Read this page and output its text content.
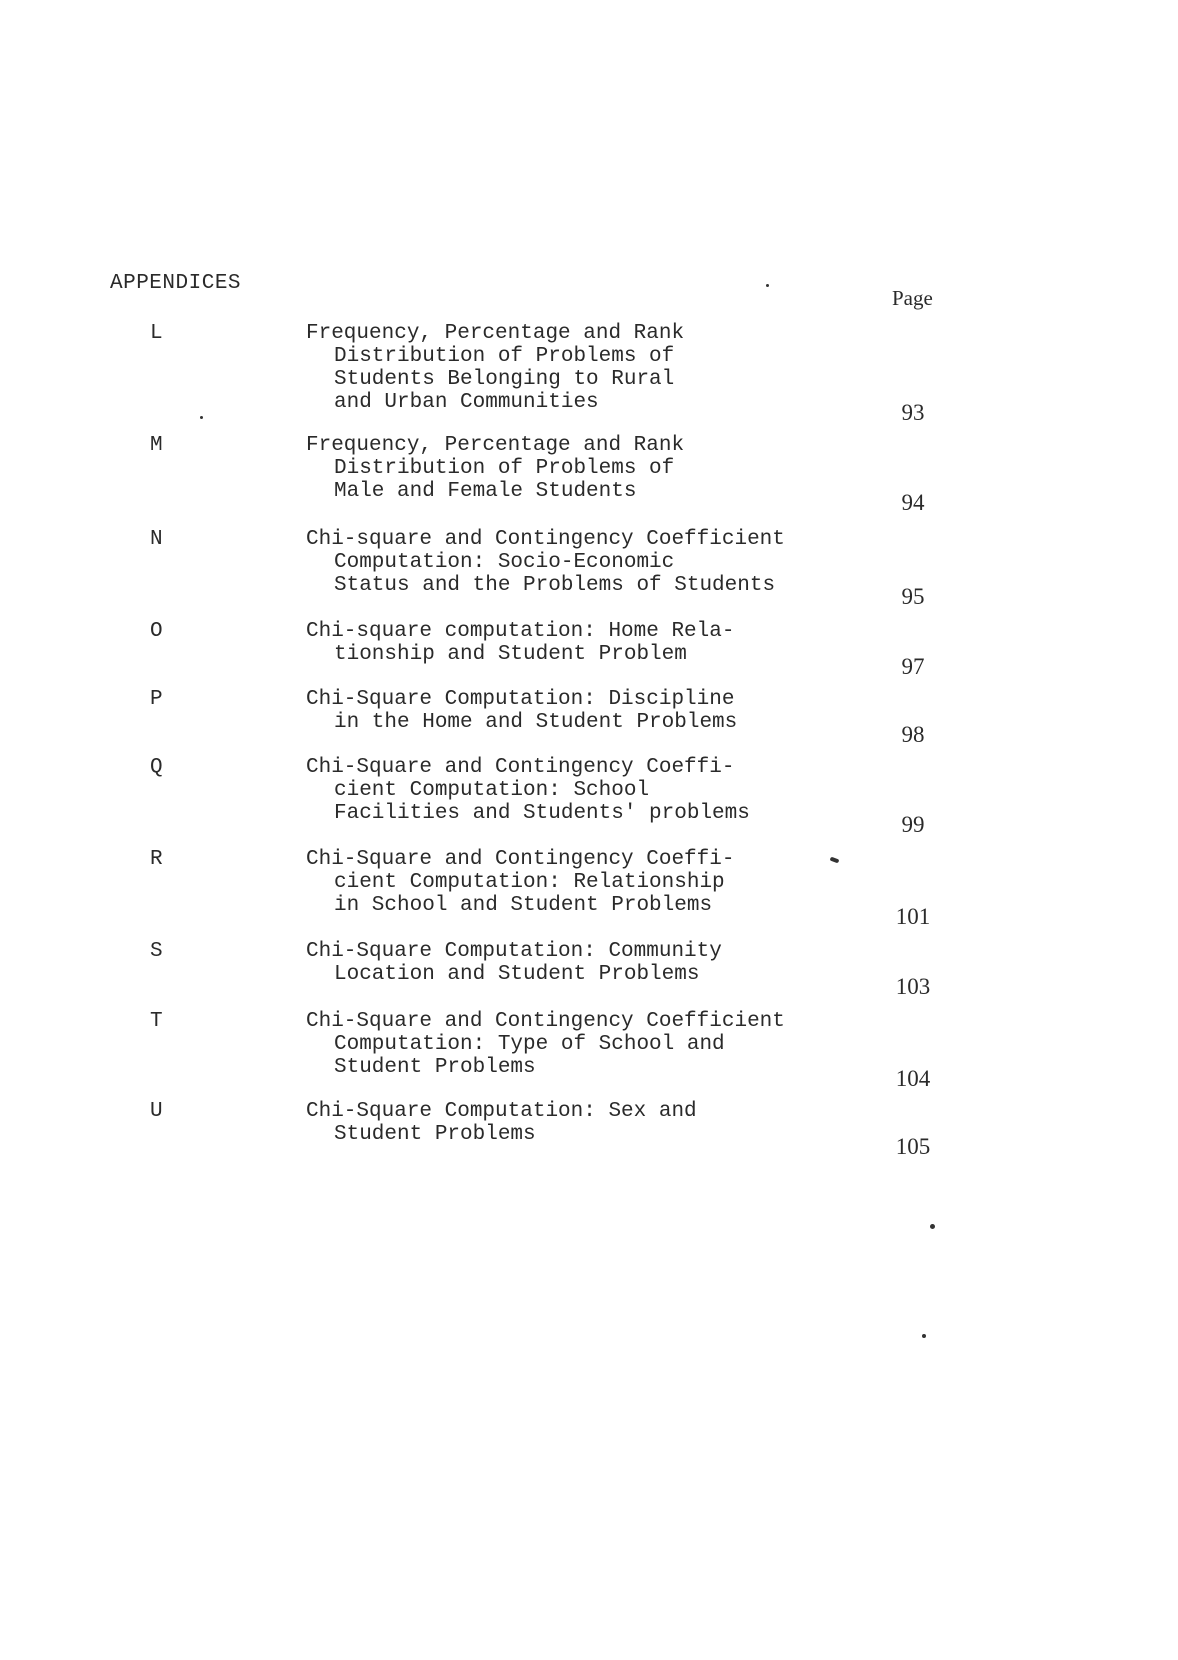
APPENDICES
Page
L	Frequency, Percentage and Rank
Distribution of Problems of
Students Belonging to Rural
and Urban Communities	93
M	Frequency, Percentage and Rank
Distribution of Problems of
Male and Female Students	94
N	Chi-square and Contingency Coefficient
Computation: Socio-Economic
Status and the Problems of Students	95
O	Chi-square computation: Home Rela-
tionship and Student Problem	97
P	Chi-Square Computation: Discipline
in the Home and Student Problems	98
Q	Chi-Square and Contingency Coeffi-
cient Computation: School
Facilities and Students' problems	99
R	Chi-Square and Contingency Coeffi-
cient Computation: Relationship
in School and Student Problems	101
S	Chi-Square Computation: Community
Location and Student Problems	103
T	Chi-Square and Contingency Coefficient
Computation: Type of School and
Student Problems	104
U	Chi-Square Computation: Sex and
Student Problems	105
